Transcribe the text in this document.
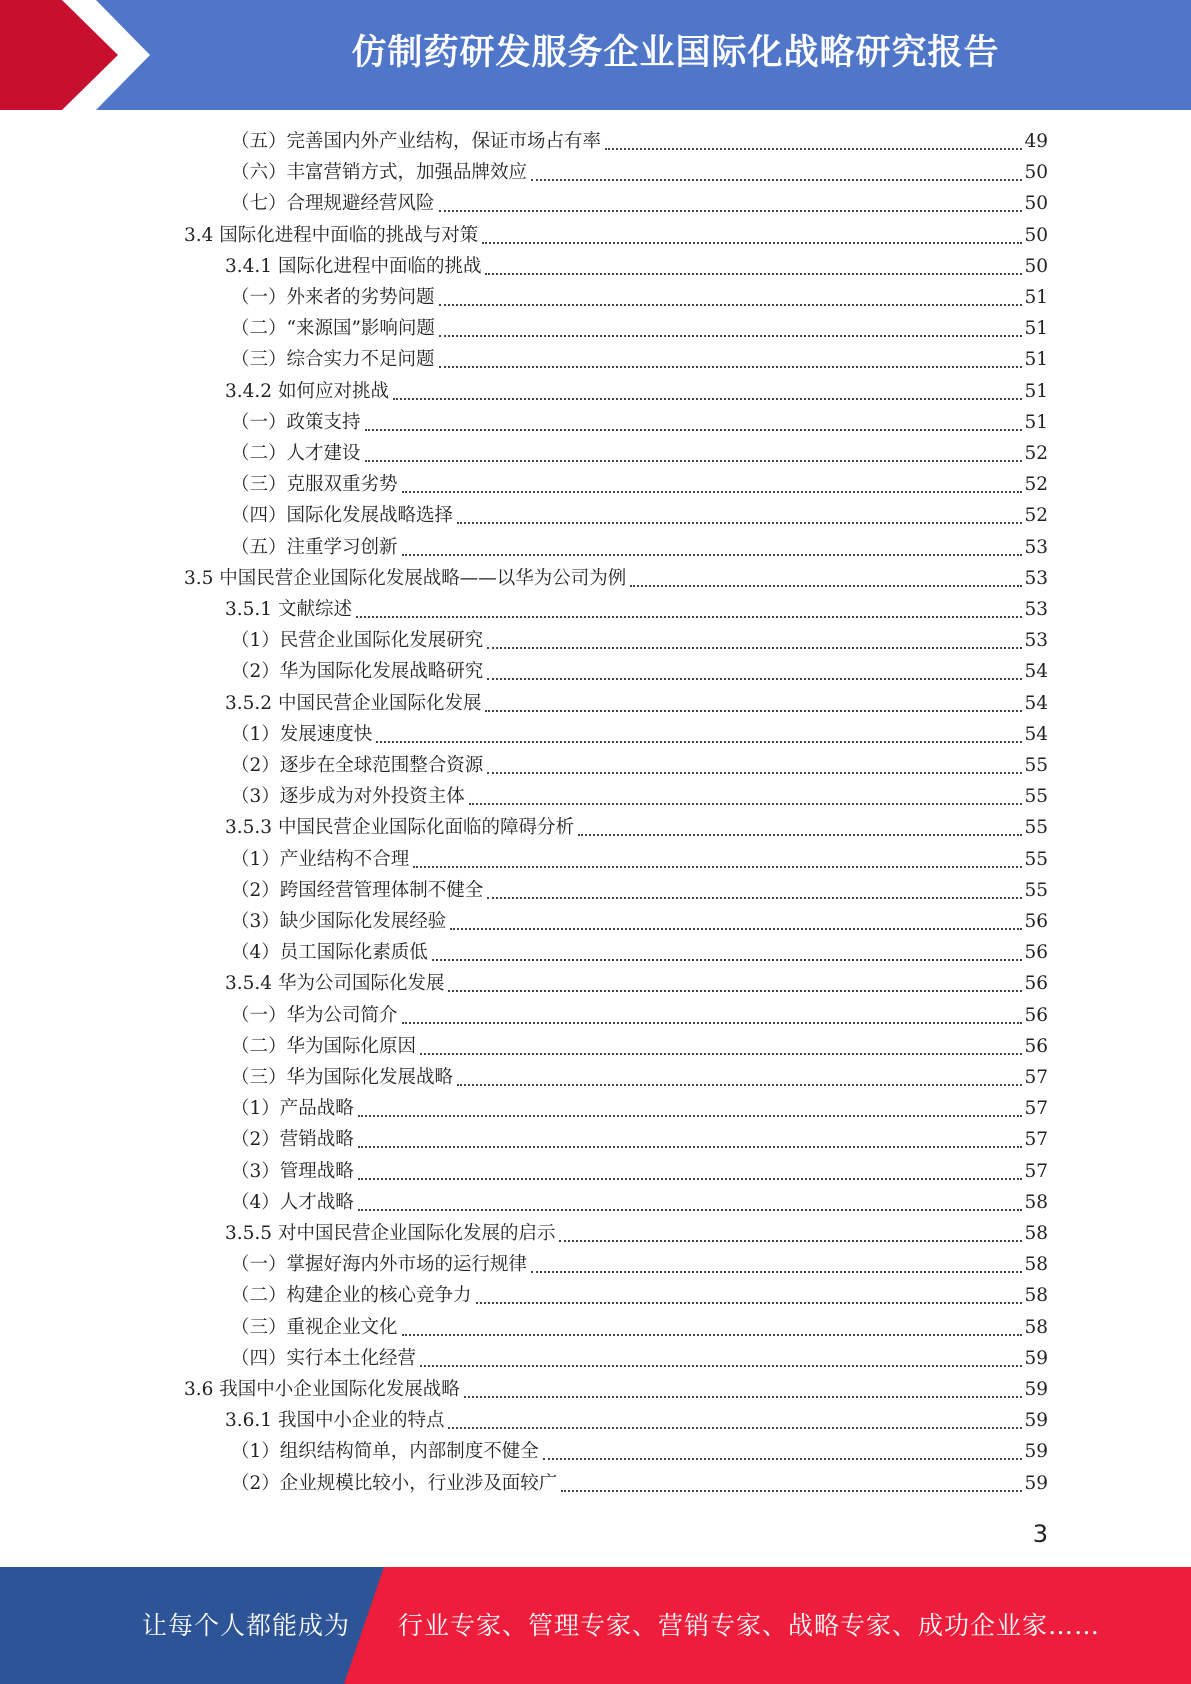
仿制药研发服务企业国际化战略研究报告
（五）完善国内外产业结构，保证市场占有率	49
（六）丰富营销方式，加强品牌效应	50
（七）合理规避经营风险	50
3.4 国际化进程中面临的挑战与对策	50
3.4.1 国际化进程中面临的挑战	50
（一）外来者的劣势问题	51
（二）“来源国”影响问题	51
（三）综合实力不足问题	51
3.4.2 如何应对挑战	51
（一）政策支持	51
（二）人才建设	52
（三）克服双重劣势	52
（四）国际化发展战略选择	52
（五）注重学习创新	53
3.5 中国民营企业国际化发展战略——以华为公司为例	53
3.5.1 文献综述	53
（1）民营企业国际化发展研究	53
（2）华为国际化发展战略研究	54
3.5.2 中国民营企业国际化发展	54
（1）发展速度快	54
（2）逐步在全球范围整合资源	55
（3）逐步成为对外投资主体	55
3.5.3 中国民营企业国际化面临的障碍分析	55
（1）产业结构不合理	55
（2）跨国经营管理体制不健全	55
（3）缺少国际化发展经验	56
（4）员工国际化素质低	56
3.5.4 华为公司国际化发展	56
（一）华为公司简介	56
（二）华为国际化原因	56
（三）华为国际化发展战略	57
（1）产品战略	57
（2）营销战略	57
（3）管理战略	57
（4）人才战略	58
3.5.5 对中国民营企业国际化发展的启示	58
（一）掌握好海内外市场的运行规律	58
（二）构建企业的核心竞争力	58
（三）重视企业文化	58
（四）实行本土化经营	59
3.6 我国中小企业国际化发展战略	59
3.6.1 我国中小企业的特点	59
（1）组织结构简单，内部制度不健全	59
（2）企业规模比较小，行业涉及面较广	59
3
让每个人都能成为 行业专家、管理专家、营销专家、战略专家、成功企业家……
